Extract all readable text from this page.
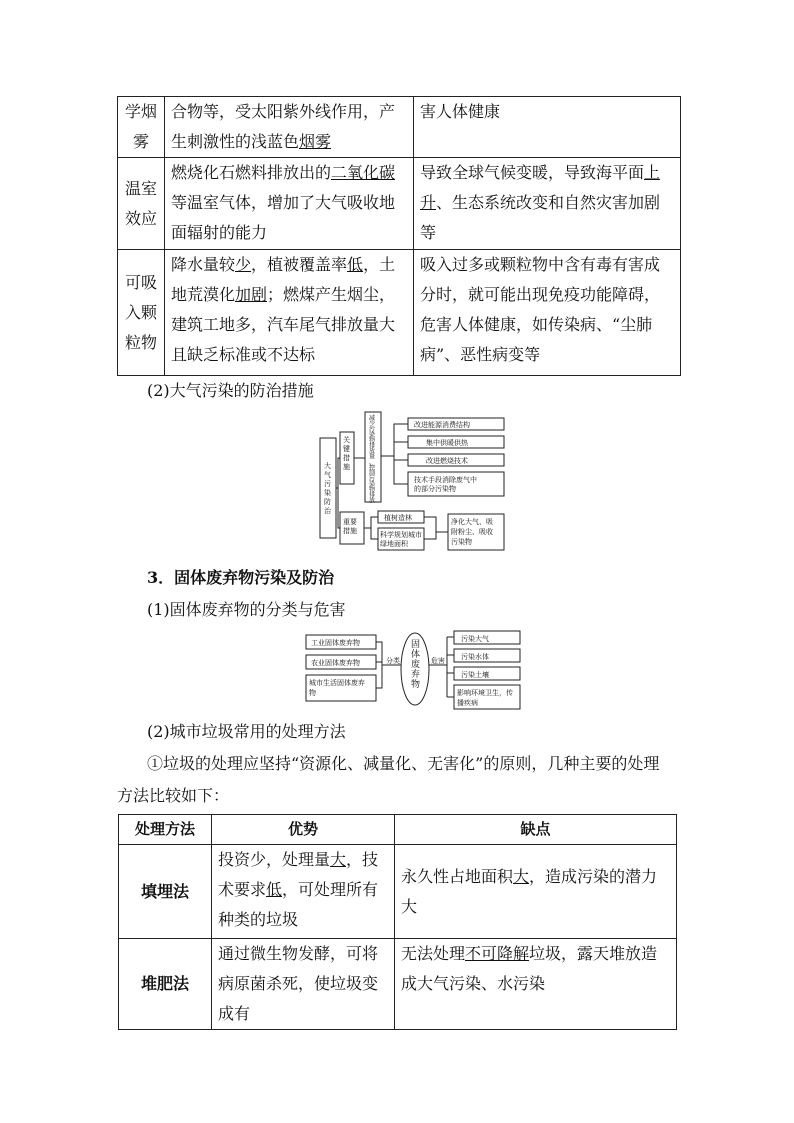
学烟雾	合物等，受太阳紫外线作用，产生刺激性的浅蓝色烟雾	害人体健康
温室效应	燃烧化石燃料排放出的二氧化碳等温室气体，增加了大气吸收地面辐射的能力	导致全球气候变暖，导致海平面上升、生态系统改变和自然灾害加剧等
可吸入颗粒物	降水量较少，植被覆盖率低，土地荒漠化加剧；燃煤产生烟尘，建筑工地多，汽车尾气排放量大且缺乏标准或不达标	吸入过多或颗粒物中含有毒有害成分时，就可能出现免疫功能障碍，危害人体健康，如传染病、“尘肺病”、恶性病变等
(2)大气污染的防治措施
大气污染防治
关键措施
减少污染物排放量，控制污染物排放
改进能源消费结构
集中供暖供热
改进燃烧技术
技术手段消除废气中的部分污染物
重要措施
植树造林
科学规划城市绿地面积
净化大气、吸附粉尘、吸收污染物
3．固体废弃物污染及防治
(1)固体废弃物的分类与危害
工业固体废弃物
农业固体废弃物
城市生活固体废弃物
分类
固体废弃物
危害
污染大气
污染水体
污染土壤
影响环境卫生，传播疾病
(2)城市垃圾常用的处理方法
①垃圾的处理应坚持“资源化、减量化、无害化”的原则，几种主要的处理
方法比较如下：
处理方法	优势	缺点
填埋法	投资少，处理量大，技术要求低，可处理所有种类的垃圾	永久性占地面积大，造成污染的潜力大
堆肥法	通过微生物发酵，可将病原菌杀死，使垃圾变成有	无法处理不可降解垃圾，露天堆放造成大气污染、水污染
